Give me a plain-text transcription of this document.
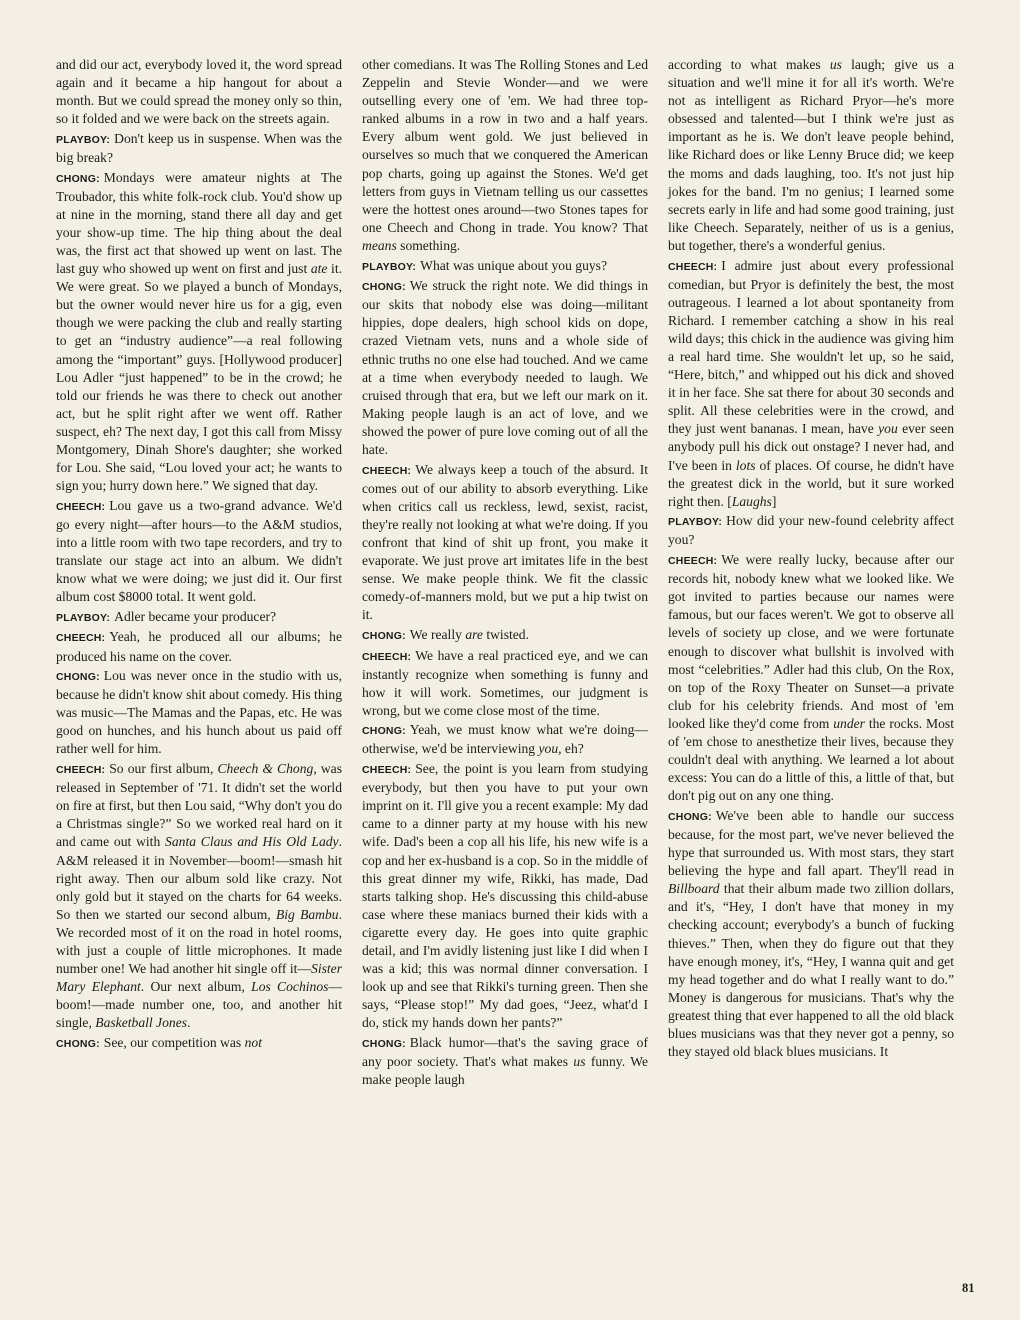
and did our act, everybody loved it, the word spread again and it became a hip hangout for about a month. But we could spread the money only so thin, so it folded and we were back on the streets again.

PLAYBOY: Don't keep us in suspense. When was the big break?

CHONG: Mondays were amateur nights at The Troubador, this white folk-rock club. You'd show up at nine in the morning, stand there all day and get your show-up time. The hip thing about the deal was, the first act that showed up went on last. The last guy who showed up went on first and just ate it. We were great. So we played a bunch of Mondays, but the owner would never hire us for a gig, even though we were packing the club and really starting to get an “industry audience”—a real following among the “important” guys. [Hollywood producer] Lou Adler “just happened” to be in the crowd; he told our friends he was there to check out another act, but he split right after we went off. Rather suspect, eh? The next day, I got this call from Missy Montgomery, Dinah Shore's daughter; she worked for Lou. She said, “Lou loved your act; he wants to sign you; hurry down here.” We signed that day.

CHEECH: Lou gave us a two-grand advance. We'd go every night—after hours—to the A&M studios, into a little room with two tape recorders, and try to translate our stage act into an album. We didn't know what we were doing; we just did it. Our first album cost $8000 total. It went gold.

PLAYBOY: Adler became your producer?

CHEECH: Yeah, he produced all our albums; he produced his name on the cover.

CHONG: Lou was never once in the studio with us, because he didn't know shit about comedy. His thing was music—The Mamas and the Papas, etc. He was good on hunches, and his hunch about us paid off rather well for him.

CHEECH: So our first album, Cheech & Chong, was released in September of '71. It didn't set the world on fire at first, but then Lou said, “Why don't you do a Christmas single?” So we worked real hard on it and came out with Santa Claus and His Old Lady. A&M released it in November—boom!—smash hit right away. Then our album sold like crazy. Not only gold but it stayed on the charts for 64 weeks. So then we started our second album, Big Bambu. We recorded most of it on the road in hotel rooms, with just a couple of little microphones. It made number one! We had another hit single off it—Sister Mary Elephant. Our next album, Los Cochinos—boom!—made number one, too, and another hit single, Basketball Jones.

CHONG: See, our competition was not

other comedians. It was The Rolling Stones and Led Zeppelin and Stevie Wonder—and we were outselling every one of 'em. We had three top-ranked albums in a row in two and a half years. Every album went gold. We just believed in ourselves so much that we conquered the American pop charts, going up against the Stones. We'd get letters from guys in Vietnam telling us our cassettes were the hottest ones around—two Stones tapes for one Cheech and Chong in trade. You know? That means something.

PLAYBOY: What was unique about you guys?

CHONG: We struck the right note. We did things in our skits that nobody else was doing—militant hippies, dope dealers, high school kids on dope, crazed Vietnam vets, nuns and a whole side of ethnic truths no one else had touched. And we came at a time when everybody needed to laugh. We cruised through that era, but we left our mark on it. Making people laugh is an act of love, and we showed the power of pure love coming out of all the hate.

CHEECH: We always keep a touch of the absurd. It comes out of our ability to absorb everything. Like when critics call us reckless, lewd, sexist, racist, they're really not looking at what we're doing. If you confront that kind of shit up front, you make it evaporate. We just prove art imitates life in the best sense. We make people think. We fit the classic comedy-of-manners mold, but we put a hip twist on it.

CHONG: We really are twisted.

CHEECH: We have a real practiced eye, and we can instantly recognize when something is funny and how it will work. Sometimes, our judgment is wrong, but we come close most of the time.

CHONG: Yeah, we must know what we're doing—otherwise, we'd be interviewing you, eh?

CHEECH: See, the point is you learn from studying everybody, but then you have to put your own imprint on it. I'll give you a recent example: My dad came to a dinner party at my house with his new wife. Dad's been a cop all his life, his new wife is a cop and her ex-husband is a cop. So in the middle of this great dinner my wife, Rikki, has made, Dad starts talking shop. He's discussing this child-abuse case where these maniacs burned their kids with a cigarette every day. He goes into quite graphic detail, and I'm avidly listening just like I did when I was a kid; this was normal dinner conversation. I look up and see that Rikki's turning green. Then she says, “Please stop!” My dad goes, “Jeez, what'd I do, stick my hands down her pants?”

CHONG: Black humor—that's the saving grace of any poor society. That's what makes us funny. We make people laugh

according to what makes us laugh; give us a situation and we'll mine it for all it's worth. We're not as intelligent as Richard Pryor—he's more obsessed and talented—but I think we're just as important as he is. We don't leave people behind, like Richard does or like Lenny Bruce did; we keep the moms and dads laughing, too. It's not just hip jokes for the band. I'm no genius; I learned some secrets early in life and had some good training, just like Cheech. Separately, neither of us is a genius, but together, there's a wonderful genius.

CHEECH: I admire just about every professional comedian, but Pryor is definitely the best, the most outrageous. I learned a lot about spontaneity from Richard. I remember catching a show in his real wild days; this chick in the audience was giving him a real hard time. She wouldn't let up, so he said, “Here, bitch,” and whipped out his dick and shoved it in her face. She sat there for about 30 seconds and split. All these celebrities were in the crowd, and they just went bananas. I mean, have you ever seen anybody pull his dick out onstage? I never had, and I've been in lots of places. Of course, he didn't have the greatest dick in the world, but it sure worked right then. [Laughs]

PLAYBOY: How did your new-found celebrity affect you?

CHEECH: We were really lucky, because after our records hit, nobody knew what we looked like. We got invited to parties because our names were famous, but our faces weren't. We got to observe all levels of society up close, and we were fortunate enough to discover what bullshit is involved with most “celebrities.” Adler had this club, On the Rox, on top of the Roxy Theater on Sunset—a private club for his celebrity friends. And most of 'em looked like they'd come from under the rocks. Most of 'em chose to anesthetize their lives, because they couldn't deal with anything. We learned a lot about excess: You can do a little of this, a little of that, but don't pig out on any one thing.

CHONG: We've been able to handle our success because, for the most part, we've never believed the hype that surrounded us. With most stars, they start believing the hype and fall apart. They'll read in Billboard that their album made two zillion dollars, and it's, “Hey, I don't have that money in my checking account; everybody's a bunch of fucking thieves.” Then, when they do figure out that they have enough money, it's, “Hey, I wanna quit and get my head together and do what I really want to do.” Money is dangerous for musicians. That's why the greatest thing that ever happened to all the old black blues musicians was that they never got a penny, so they stayed old black blues musicians. It

81
